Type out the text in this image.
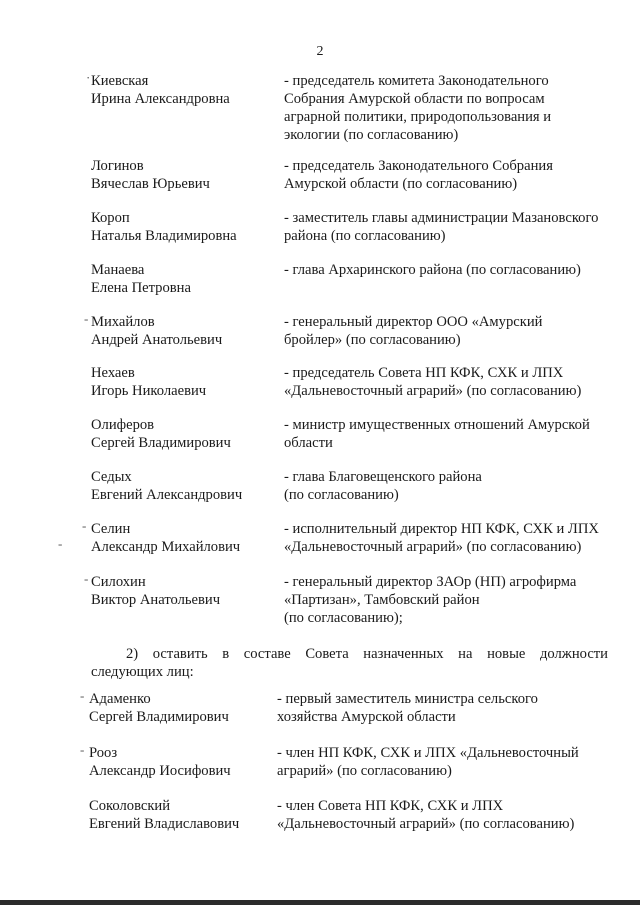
2
Киевская
Ирина Александровна
- председатель комитета Законодательного
Собрания Амурской области по вопросам
аграрной политики, природопользования и
экологии (по согласованию)
Логинов
Вячеслав Юрьевич
- председатель Законодательного Собрания
Амурской области (по согласованию)
Короп
Наталья Владимировна
- заместитель главы администрации Мазановского
района (по согласованию)
Манаева
Елена Петровна
- глава Архаринского района (по согласованию)
Михайлов
Андрей Анатольевич
- генеральный директор ООО «Амурский
бройлер» (по согласованию)
Нехаев
Игорь Николаевич
- председатель Совета НП КФК, СХК и ЛПХ
«Дальневосточный аграрий» (по согласованию)
Олиферов
Сергей Владимирович
- министр имущественных отношений Амурской
области
Седых
Евгений Александрович
- глава Благовещенского района
(по согласованию)
Селин
Александр Михайлович
- исполнительный директор НП КФК, СХК и ЛПХ
«Дальневосточный аграрий» (по согласованию)
Силохин
Виктор Анатольевич
- генеральный директор ЗАОр (НП) агрофирма
«Партизан», Тамбовский район
(по согласованию);
2) оставить в составе Совета назначенных на новые должности
следующих лиц:
Адаменко
Сергей Владимирович
- первый заместитель министра сельского
хозяйства Амурской области
Рооз
Александр Иосифович
- член НП КФК, СХК и ЛПХ «Дальневосточный
аграрий» (по согласованию)
Соколовский
Евгений Владиславович
- член Совета НП КФК, СХК и ЛПХ
«Дальневосточный аграрий» (по согласованию)
·
-
-
-
-
-
-
